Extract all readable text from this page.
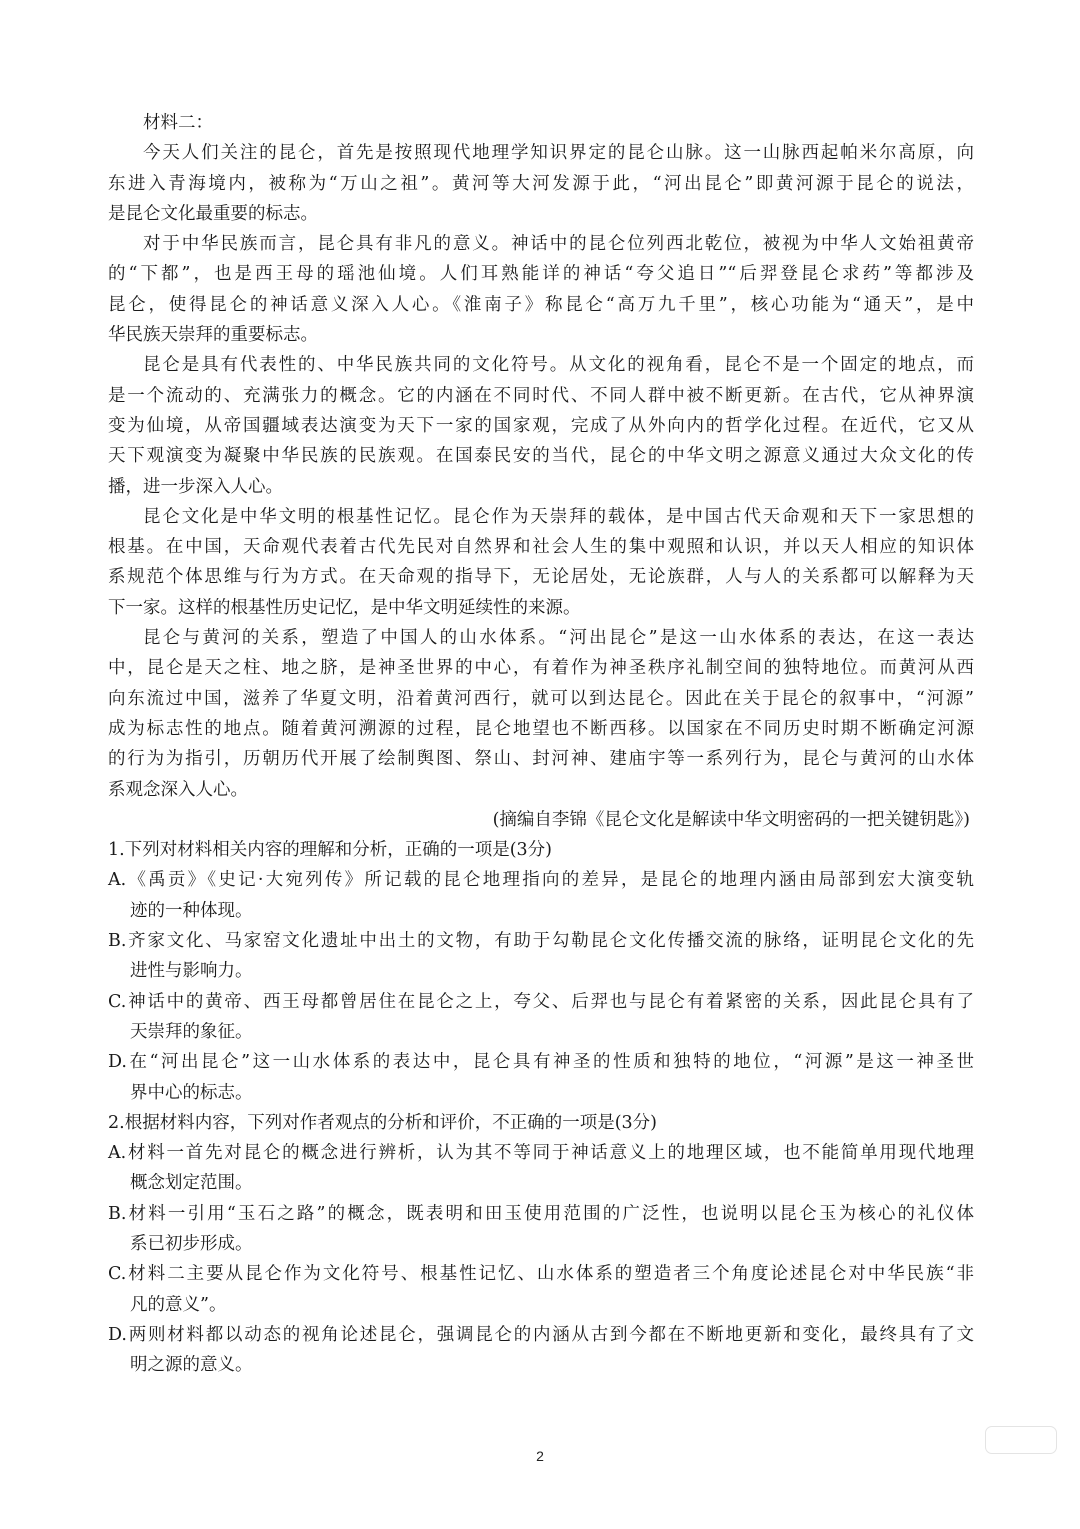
材料二：
今天人们关注的昆仑，首先是按照现代地理学知识界定的昆仑山脉。这一山脉西起帕米尔高原，向
东进入青海境内，被称为“万山之祖”。黄河等大河发源于此，“河出昆仑”即黄河源于昆仑的说法，
是昆仑文化最重要的标志。
对于中华民族而言，昆仑具有非凡的意义。神话中的昆仑位列西北乾位，被视为中华人文始祖黄帝
的“下都”，也是西王母的瑶池仙境。人们耳熟能详的神话“夸父追日”“后羿登昆仑求药”等都涉及
昆仑，使得昆仑的神话意义深入人心。《淮南子》称昆仑“高万九千里”，核心功能为“通天”，是中
华民族天崇拜的重要标志。
昆仑是具有代表性的、中华民族共同的文化符号。从文化的视角看，昆仑不是一个固定的地点，而
是一个流动的、充满张力的概念。它的内涵在不同时代、不同人群中被不断更新。在古代，它从神界演
变为仙境，从帝国疆域表达演变为天下一家的国家观，完成了从外向内的哲学化过程。在近代，它又从
天下观演变为凝聚中华民族的民族观。在国泰民安的当代，昆仑的中华文明之源意义通过大众文化的传
播，进一步深入人心。
昆仑文化是中华文明的根基性记忆。昆仑作为天崇拜的载体，是中国古代天命观和天下一家思想的
根基。在中国，天命观代表着古代先民对自然界和社会人生的集中观照和认识，并以天人相应的知识体
系规范个体思维与行为方式。在天命观的指导下，无论居处，无论族群，人与人的关系都可以解释为天
下一家。这样的根基性历史记忆，是中华文明延续性的来源。
昆仑与黄河的关系，塑造了中国人的山水体系。“河出昆仑”是这一山水体系的表达，在这一表达
中，昆仑是天之柱、地之脐，是神圣世界的中心，有着作为神圣秩序礼制空间的独特地位。而黄河从西
向东流过中国，滋养了华夏文明，沿着黄河西行，就可以到达昆仑。因此在关于昆仑的叙事中，“河源”
成为标志性的地点。随着黄河溯源的过程，昆仑地望也不断西移。以国家在不同历史时期不断确定河源
的行为为指引，历朝历代开展了绘制舆图、祭山、封河神、建庙宇等一系列行为，昆仑与黄河的山水体
系观念深入人心。
(摘编自李锦《昆仑文化是解读中华文明密码的一把关键钥匙》)
1.下列对材料相关内容的理解和分析，正确的一项是(3分)
A.《禹贡》《史记·大宛列传》所记载的昆仑地理指向的差异，是昆仑的地理内涵由局部到宏大演变轨
迹的一种体现。
B.齐家文化、马家窑文化遗址中出土的文物，有助于勾勒昆仑文化传播交流的脉络，证明昆仑文化的先
进性与影响力。
C.神话中的黄帝、西王母都曾居住在昆仑之上，夸父、后羿也与昆仑有着紧密的关系，因此昆仑具有了
天崇拜的象征。
D.在“河出昆仑”这一山水体系的表达中，昆仑具有神圣的性质和独特的地位，“河源”是这一神圣世
界中心的标志。
2.根据材料内容，下列对作者观点的分析和评价，不正确的一项是(3分)
A.材料一首先对昆仑的概念进行辨析，认为其不等同于神话意义上的地理区域，也不能简单用现代地理
概念划定范围。
B.材料一引用“玉石之路”的概念，既表明和田玉使用范围的广泛性，也说明以昆仑玉为核心的礼仪体
系已初步形成。
C.材料二主要从昆仑作为文化符号、根基性记忆、山水体系的塑造者三个角度论述昆仑对中华民族“非
凡的意义”。
D.两则材料都以动态的视角论述昆仑，强调昆仑的内涵从古到今都在不断地更新和变化，最终具有了文
明之源的意义。
2
